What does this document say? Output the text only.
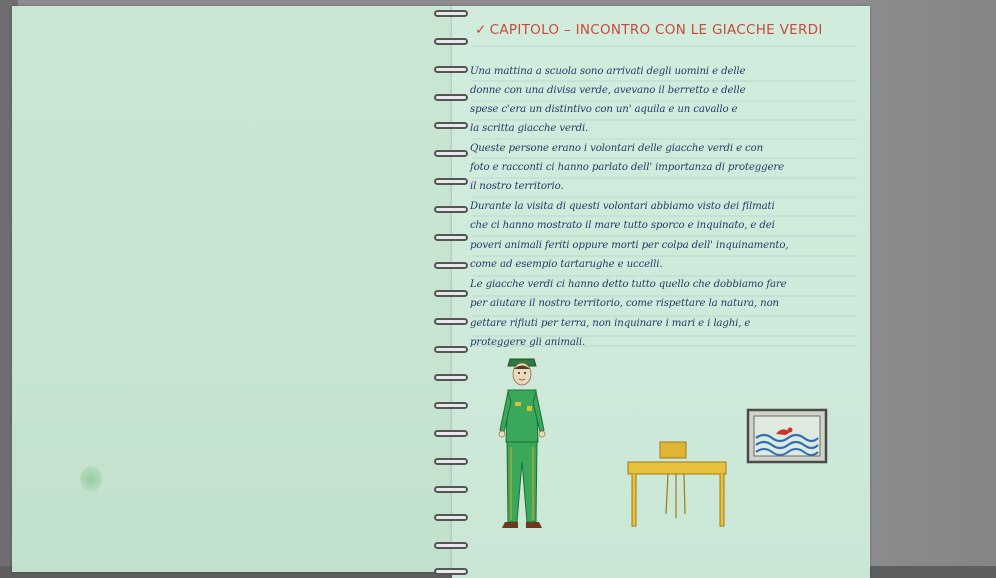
✓ CAPITOLO – INCONTRO CON LE GIACCHE VERDI
Una mattina a scuola sono arrivati degli uomini e delle
donne con una divisa verde, avevano il berretto e delle
spese c'era un distintivo con un' aquila e un cavallo e
la scritta giacche verdi.
Queste persone erano i volontari delle giacche verdi e con
foto e racconti ci hanno parlato dell' importanza di proteggere
il nostro territorio.
Durante la visita di questi volontari abbiamo visto dei filmati
che ci hanno mostrato il mare tutto sporco e inquinato, e dei
poveri animali feriti oppure morti per colpa dell' inquinamento,
come ad esempio tartarughe e uccelli.
Le giacche verdi ci hanno detto tutto quello che dobbiamo fare
per aiutare il nostro territorio, come rispettare la natura, non
gettare rifiuti per terra, non inquinare i mari e i laghi, e
proteggere gli animali.
